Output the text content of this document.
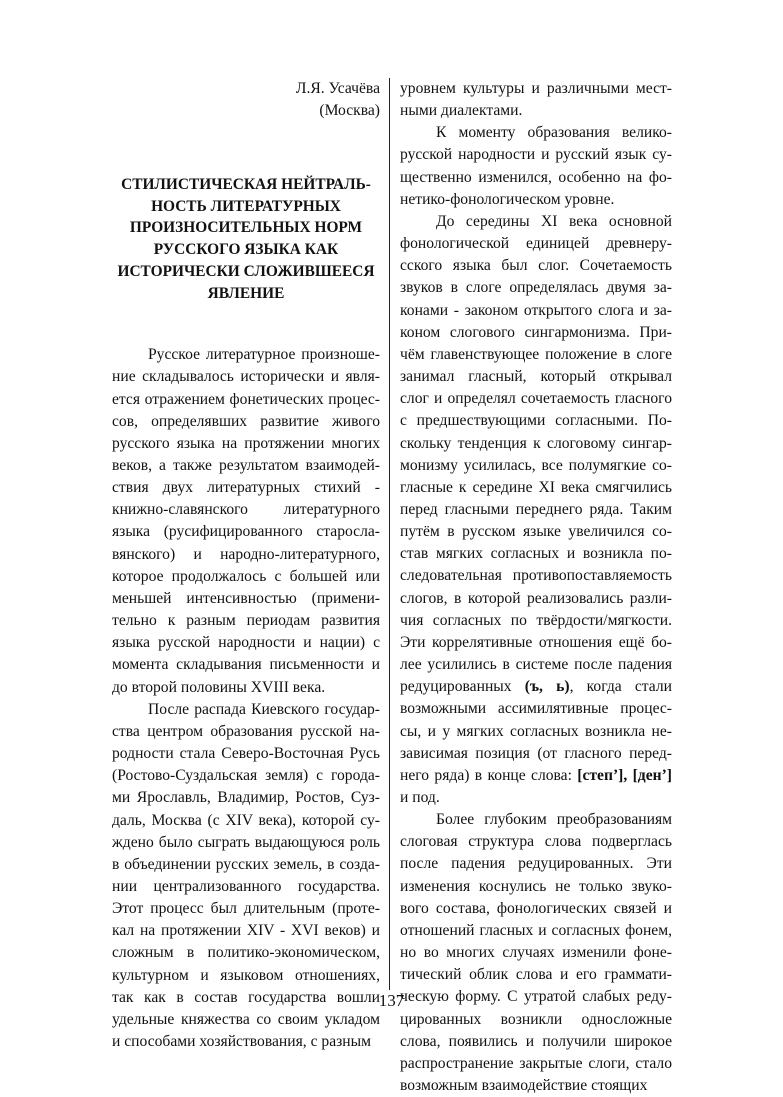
Л.Я. Усачёва
(Москва)
СТИЛИСТИЧЕСКАЯ НЕЙТРАЛЬ-
НОСТЬ ЛИТЕРАТУРНЫХ
ПРОИЗНОСИТЕЛЬНЫХ НОРМ
РУССКОГО ЯЗЫКА КАК
ИСТОРИЧЕСКИ СЛОЖИВШЕЕСЯ
ЯВЛЕНИЕ

Русское литературное произноше-ние складывалось исторически и явля-ется отражением фонетических процес-сов, определявших развитие живого русского языка на протяжении многих веков, а также результатом взаимодей-ствия двух литературных стихий - книжно-славянского литературного языка (русифицированного старосла-вянского) и народно-литературного, которое продолжалось с большей или меньшей интенсивностью (примени-тельно к разным периодам развития языка русской народности и нации) с момента складывания письменности и до второй половины XVIII века.

После распада Киевского государ-ства центром образования русской на-родности стала Северо-Восточная Русь (Ростово-Суздальская земля) с города-ми Ярославль, Владимир, Ростов, Суз-даль, Москва (с XIV века), которой су-ждено было сыграть выдающуюся роль в объединении русских земель, в созда-нии централизованного государства. Этот процесс был длительным (проте-кал на протяжении XIV - XVI веков) и сложным в политико-экономическом, культурном и языковом отношениях, так как в состав государства вошли удельные княжества со своим укладом и способами хозяйствования, с разным

уровнем культуры и различными мест-ными диалектами.

К моменту образования велико-русской народности и русский язык су-щественно изменился, особенно на фо-нетико-фонологическом уровне.

До середины XI века основной фонологической единицей древнеру-сского языка был слог. Сочетаемость звуков в слоге определялась двумя за-конами - законом открытого слога и за-коном слогового сингармонизма. При-чём главенствующее положение в слоге занимал гласный, который открывал слог и определял сочетаемость гласного с предшествующими согласными. По-скольку тенденция к слоговому сингар-монизму усилилась, все полумягкие со-гласные к середине XI века смягчились перед гласными переднего ряда. Таким путём в русском языке увеличился со-став мягких согласных и возникла по-следовательная противопоставляемость слогов, в которой реализовались разли-чия согласных по твёрдости/мягкости. Эти коррелятивные отношения ещё бо-лее усилились в системе после падения редуцированных (ъ, ь), когда стали возможными ассимилятивные процес-сы, и у мягких согласных возникла не-зависимая позиция (от гласного перед-него ряда) в конце слова: [степ’], [ден’] и под.

Более глубоким преобразованиям слоговая структура слова подверглась после падения редуцированных. Эти изменения коснулись не только звуко-вого состава, фонологических связей и отношений гласных и согласных фонем, но во многих случаях изменили фоне-тический облик слова и его граммати-ческую форму. С утратой слабых реду-цированных возникли односложные слова, появились и получили широкое распространение закрытые слоги, стало возможным взаимодействие стоящих

137
